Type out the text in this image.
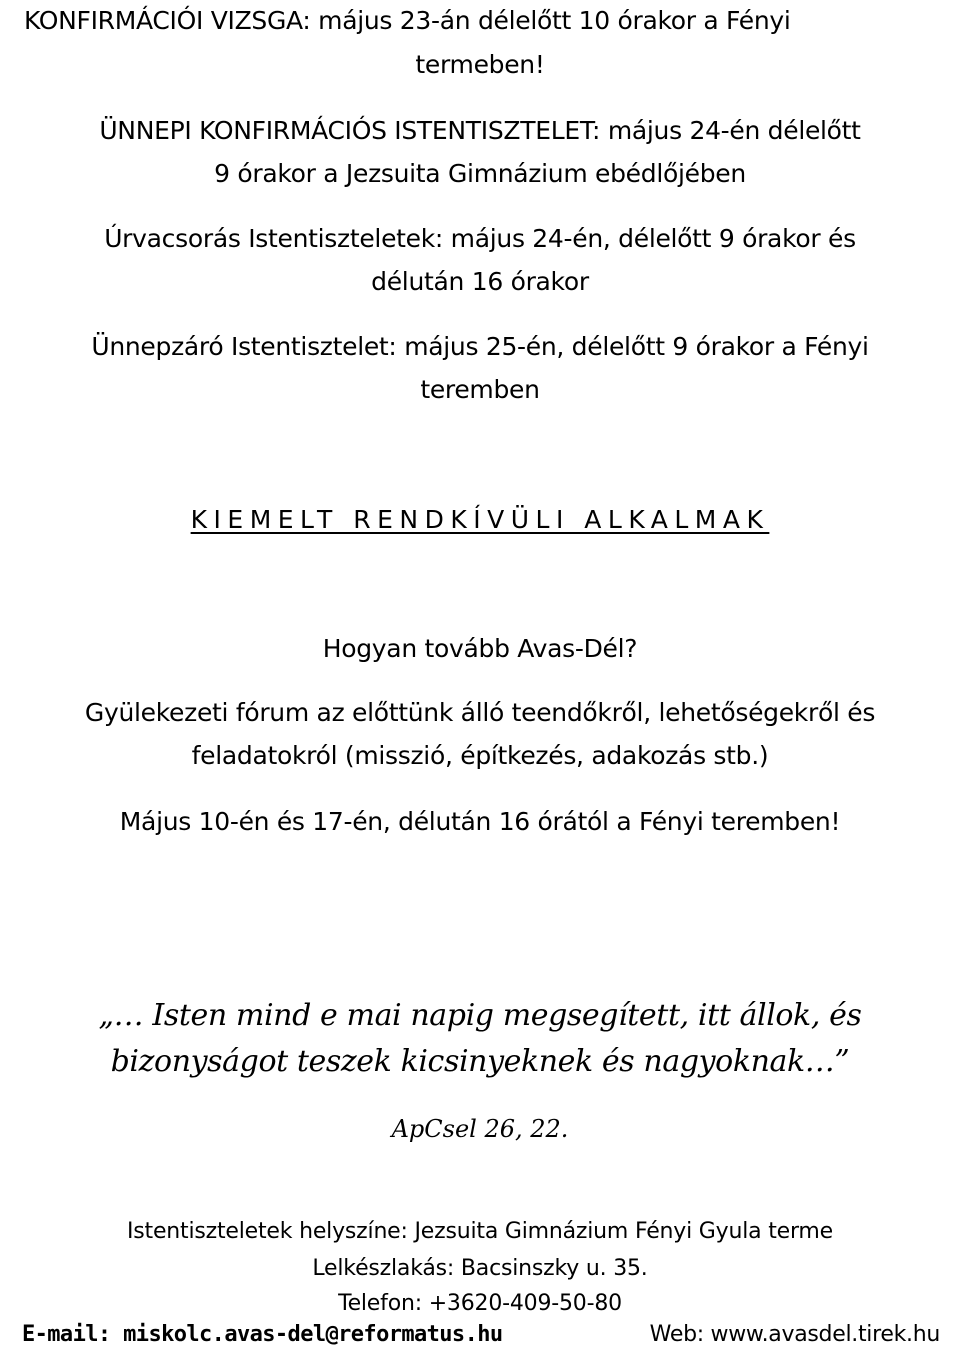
KONFIRMÁCIÓI VIZSGA: május 23-án délelőtt 10 órakor a Fényi
termeben!
ÜNNEPI KONFIRMÁCIÓS ISTENTISZTELET: május 24-én délelőtt
9 órakor a Jezsuita Gimnázium ebédlőjében
Úrvacsorás Istentiszteletek: május 24-én, délelőtt 9 órakor és
délután 16 órakor
Ünnepzáró Istentisztelet: május 25-én, délelőtt 9 órakor a Fényi
teremben
KIEMELT RENDKÍVÜLI ALKALMAK
Hogyan tovább Avas-Dél?
Gyülekezeti fórum az előttünk álló teendőkről, lehetőségekről és
feladatokról (misszió, építkezés, adakozás stb.)
Május 10-én és 17-én, délután 16 órától a Fényi teremben!
„… Isten mind e mai napig megsegített, itt állok, és
bizonyságot teszek kicsinyeknek és nagyoknak…”
ApCsel 26, 22.
Istentiszteletek helyszíne: Jezsuita Gimnázium Fényi Gyula terme
Lelkészlakás: Bacsinszky u. 35.
Telefon: +3620-409-50-80
E-mail: miskolc.avas-del@reformatus.hu	Web: www.avasdel.tirek.hu
